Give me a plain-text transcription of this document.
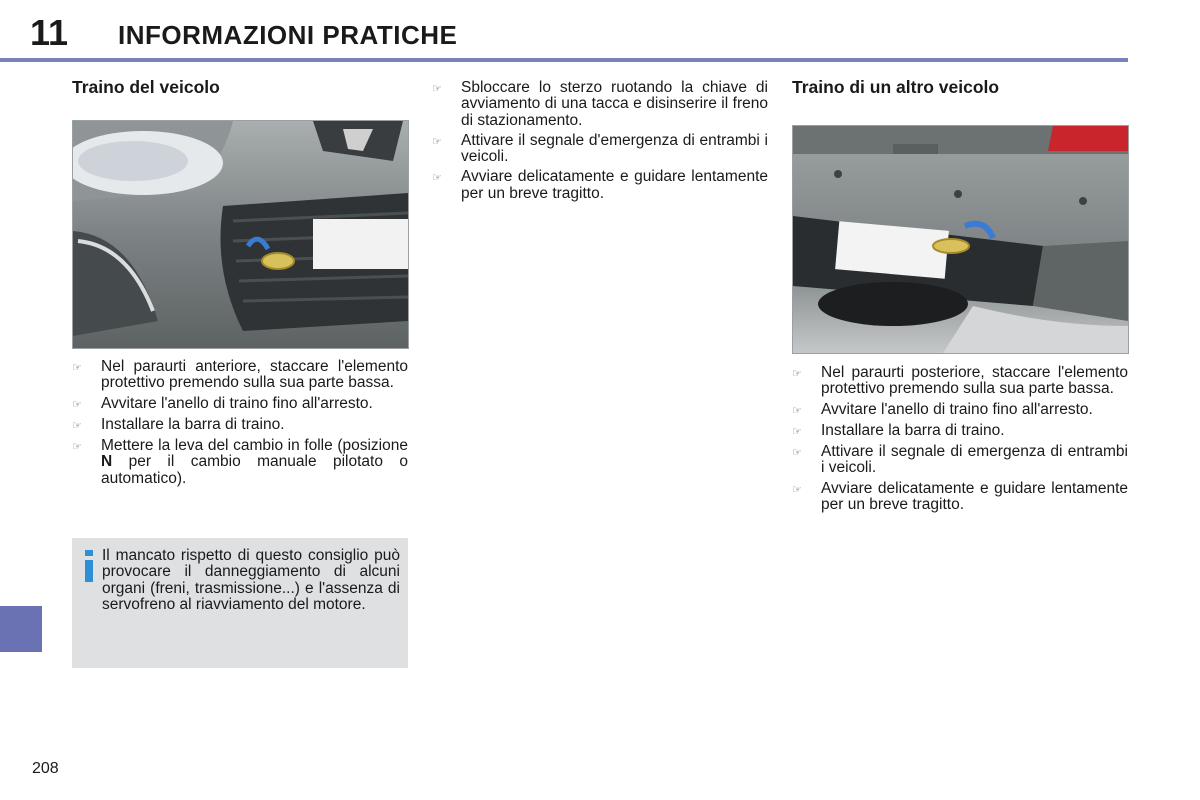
11 INFORMAZIONI PRATICHE
Traino del veicolo
☞	Nel paraurti anteriore, staccare l'elemento protettivo premendo sulla sua parte bassa.
☞	Avvitare l'anello di traino fino all'arresto.
☞	Installare la barra di traino.
☞	Mettere la leva del cambio in folle (posizione N per il cambio manuale pilotato o automatico).
Il mancato rispetto di questo consiglio può provocare il danneggiamento di alcuni organi (freni, trasmissione...) e l'assenza di servofreno al riavviamento del motore.
☞	Sbloccare lo sterzo ruotando la chiave di avviamento di una tacca e disinserire il freno di stazionamento.
☞	Attivare il segnale d'emergenza di entrambi i veicoli.
☞	Avviare delicatamente e guidare lentamente per un breve tragitto.
Traino di un altro veicolo
☞	Nel paraurti posteriore, staccare l'elemento protettivo premendo sulla sua parte bassa.
☞	Avvitare l'anello di traino fino all'arresto.
☞	Installare la barra di traino.
☞	Attivare il segnale di emergenza di entrambi i veicoli.
☞	Avviare delicatamente e guidare lentamente per un breve tragitto.
208
